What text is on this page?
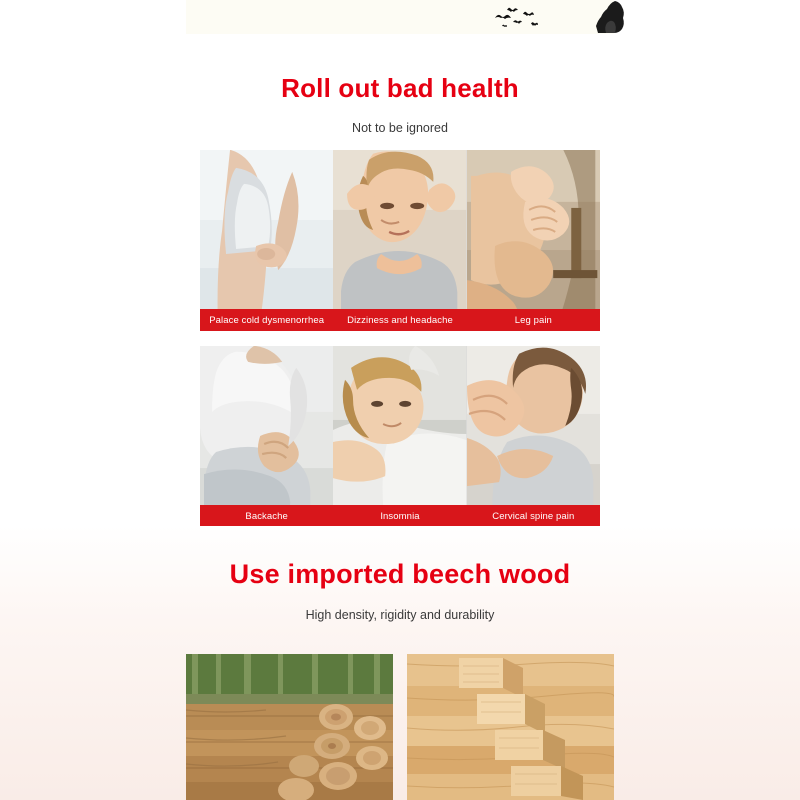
Roll out bad health

Not to be ignored

Palace cold dysmenorrhea	Dizziness and headache	Leg pain
Backache	Insomnia	Cervical spine pain

Use imported beech wood

High density, rigidity and durability
